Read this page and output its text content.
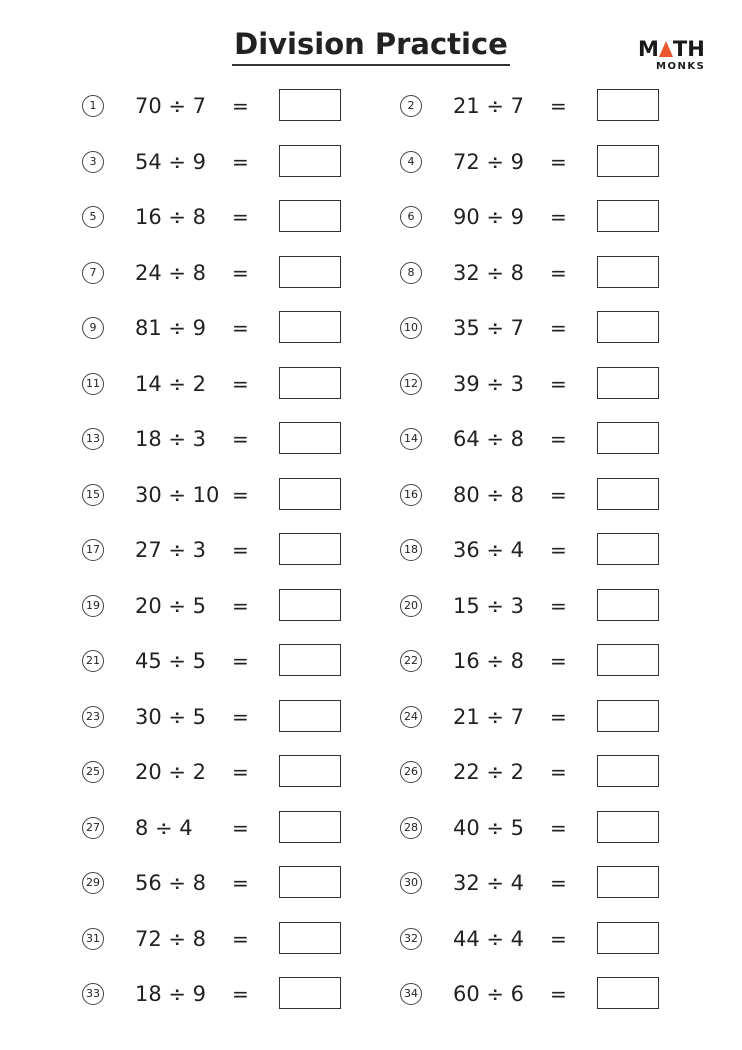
Division Practice	M TH
MONKS
1	70 ÷ 7 =	2	21 ÷ 7 =
3	54 ÷ 9 =	4	72 ÷ 9 =
5	16 ÷ 8 =	6	90 ÷ 9 =
7	24 ÷ 8 =	8	32 ÷ 8 =
9	81 ÷ 9 =	10 35 ÷ 7 =
11 14 ÷ 2 =	12 39 ÷ 3 =
13 18 ÷ 3 =	14 64 ÷ 8 =
15 30 ÷ 10 =	16 80 ÷ 8 =
17 27 ÷ 3 =	18 36 ÷ 4 =
19 20 ÷ 5 =	20 15 ÷ 3 =
21 45 ÷ 5 =	22 16 ÷ 8 =
23 30 ÷ 5 =	24 21 ÷ 7 =
25 20 ÷ 2 =	26 22 ÷ 2 =
27 8 ÷ 4 =	28 40 ÷ 5 =
29 56 ÷ 8 =	30 32 ÷ 4 =
31 72 ÷ 8 =	32 44 ÷ 4 =
33 18 ÷ 9 =	34 60 ÷ 6 =
